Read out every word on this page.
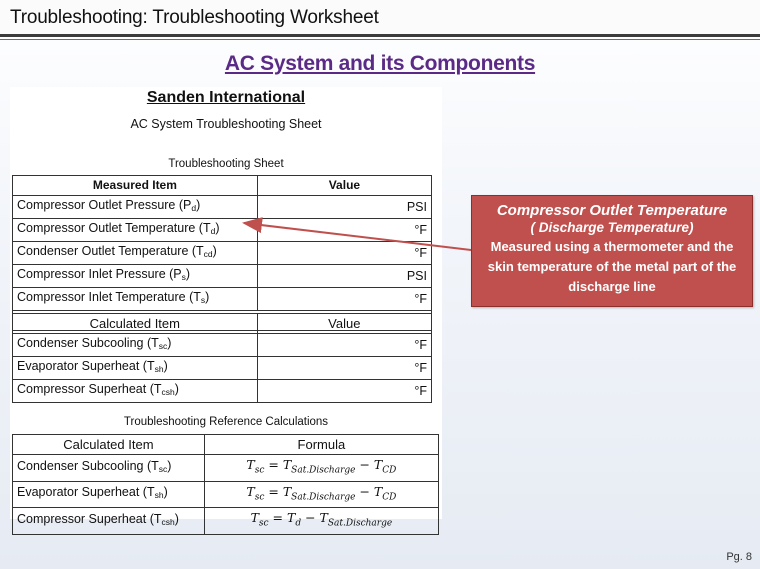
Troubleshooting: Troubleshooting Worksheet
AC System and its Components
Sanden International
AC System Troubleshooting Sheet
Troubleshooting Sheet
Measured Item	Value
Compressor Outlet Pressure $(P_d)$	PSI
Compressor Outlet Temperature $(T_d)$	°F
Condenser Outlet Temperature $(T_{cd})$	°F
Compressor Inlet Pressure $(P_s)$	PSI
Compressor Inlet Temperature $(T_s)$	°F

Calculated Item	Value
Condenser Subcooling $(T_{sc})$	°F
Evaporator Superheat $(T_{sh})$	°F
Compressor Superheat $(T_{csh})$	°F
Troubleshooting Reference Calculations
Calculated Item	Formula
Condenser Subcooling $(T_{sc})$	$T_{sc} = T_{Sat.Discharge} - T_{CD}$
Evaporator Superheat $(T_{sh})$	$T_{sc} = T_{Sat.Discharge} - T_{CD}$
Compressor Superheat $(T_{csh})$	$T_{sc} = T_d - T_{Sat.Discharge}$
Compressor Outlet Temperature
( Discharge Temperature)
Measured using a thermometer and the skin temperature of the metal part of the discharge line
Pg. 8
